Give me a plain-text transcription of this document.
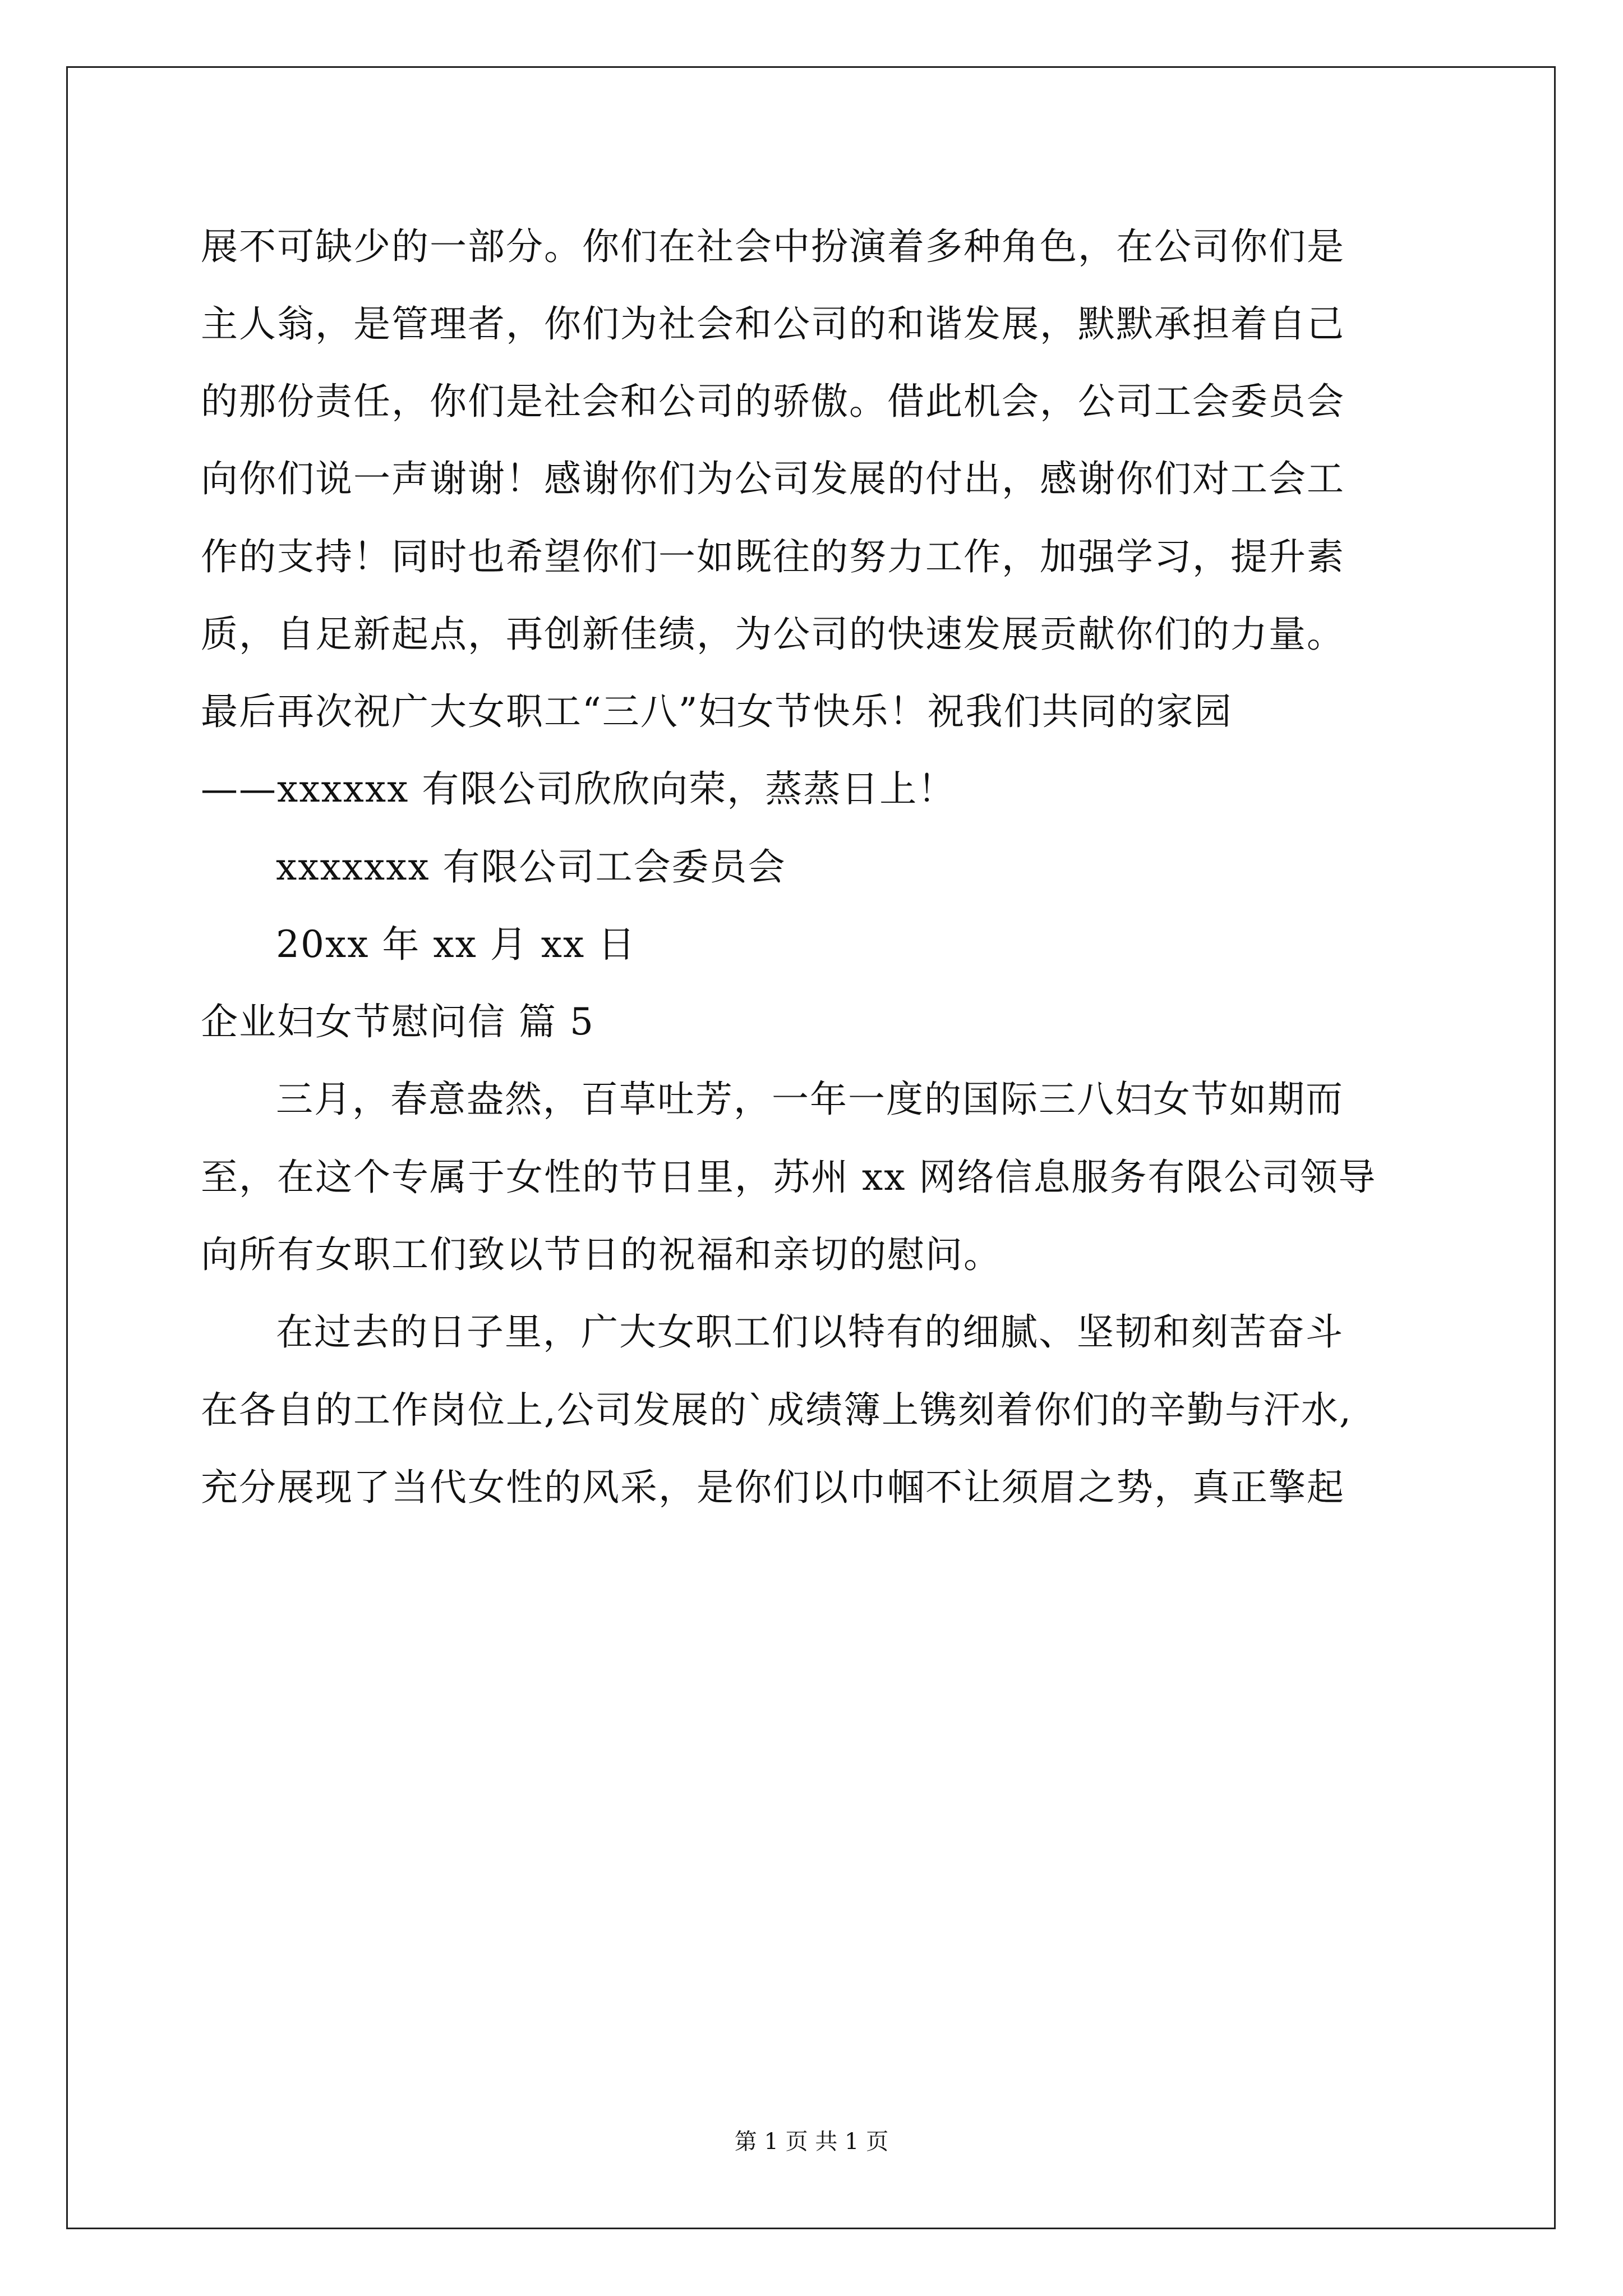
展不可缺少的一部分。你们在社会中扮演着多种角色，在公司你们是
主人翁，是管理者，你们为社会和公司的和谐发展，默默承担着自己
的那份责任，你们是社会和公司的骄傲。借此机会，公司工会委员会
向你们说一声谢谢！感谢你们为公司发展的付出，感谢你们对工会工
作的支持！同时也希望你们一如既往的努力工作，加强学习，提升素
质，自足新起点，再创新佳绩，为公司的快速发展贡献你们的力量。
最后再次祝广大女职工“三八”妇女节快乐！祝我们共同的家园
——xxxxxx 有限公司欣欣向荣，蒸蒸日上！
xxxxxxx 有限公司工会委员会
20xx 年 xx 月 xx 日
企业妇女节慰问信 篇 5
三月，春意盎然，百草吐芳，一年一度的国际三八妇女节如期而
至，在这个专属于女性的节日里，苏州 xx 网络信息服务有限公司领导
向所有女职工们致以节日的祝福和亲切的慰问。
在过去的日子里，广大女职工们以特有的细腻、坚韧和刻苦奋斗
在各自的工作岗位上,公司发展的`成绩簿上镌刻着你们的辛勤与汗水,
充分展现了当代女性的风采，是你们以巾帼不让须眉之势，真正擎起
第 1 页 共 1 页
